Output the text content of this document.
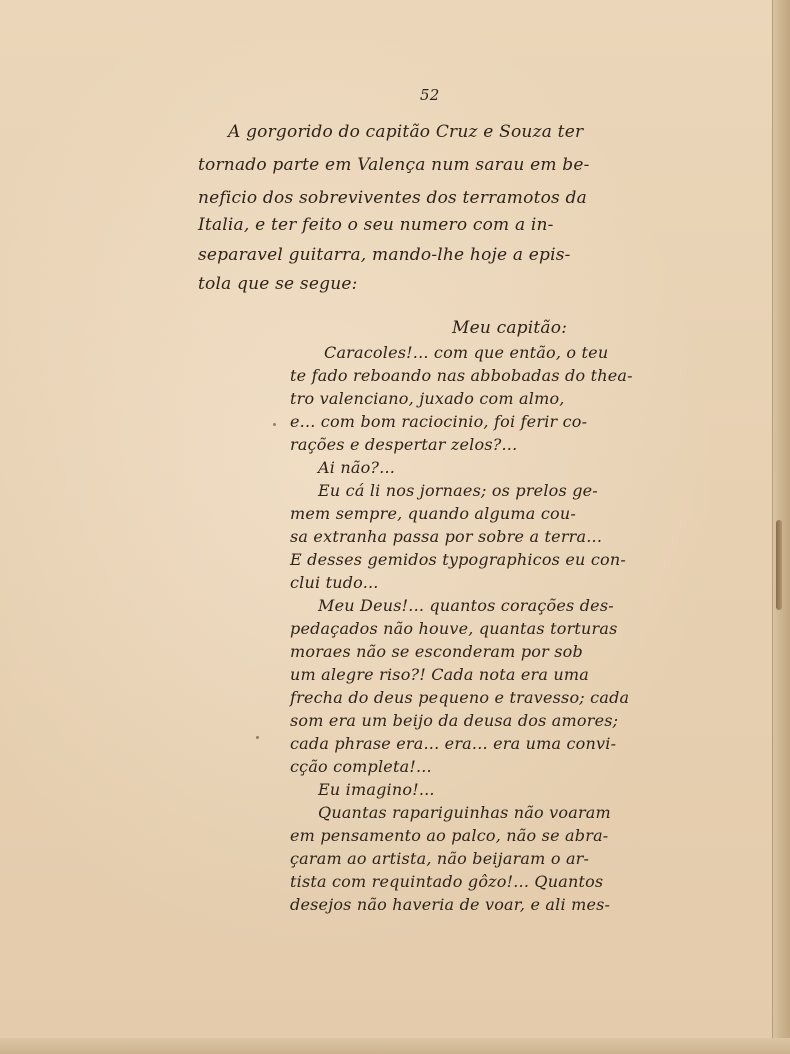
52

A gorgorido do capitão Cruz e Souza ter

tornado parte em Valença num sarau em be-

neficio dos sobreviventes dos terramotos da

Italia, e ter feito o seu numero com a in-

separavel guitarra, mando-lhe hoje a epis-

tola que se segue:

Meu capitão:

Caracoles!... com que então, o teu

te fado reboando nas abbobadas do thea-

tro valenciano, juxado com almo,

e... com bom raciocinio, foi ferir co-

rações e despertar zelos?...

Ai não?...

Eu cá li nos jornaes; os prelos ge-

mem sempre, quando alguma cou-

sa extranha passa por sobre a terra...

E desses gemidos typographicos eu con-

clui tudo...

Meu Deus!... quantos corações des-

pedaçados não houve, quantas torturas

moraes não se esconderam por sob

um alegre riso?! Cada nota era uma

frecha do deus pequeno e travesso; cada

som era um beijo da deusa dos amores;

cada phrase era... era... era uma convi-

cção completa!...

Eu imagino!...

Quantas rapariguinhas não voaram

em pensamento ao palco, não se abra-

çaram ao artista, não beijaram o ar-

tista com requintado gôzo!... Quantos

desejos não haveria de voar, e ali mes-
